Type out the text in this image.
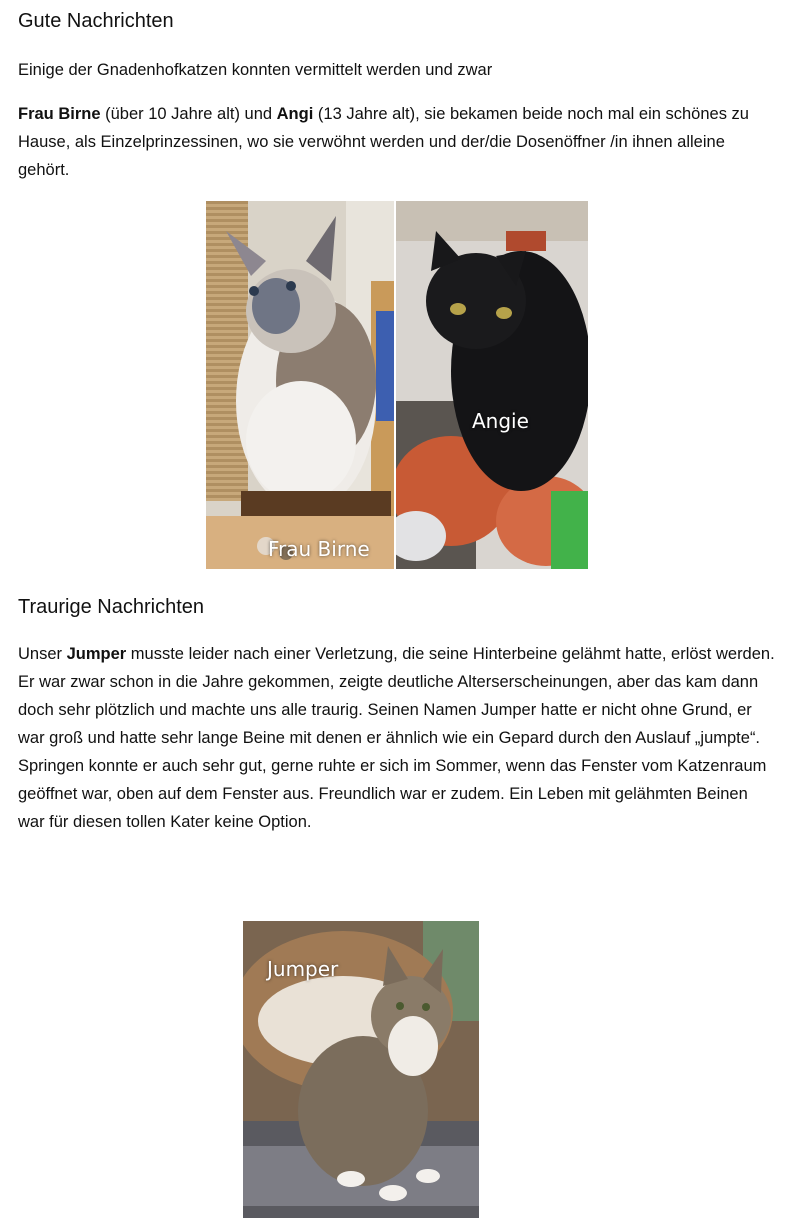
Gute Nachrichten

Einige der Gnadenhofkatzen konnten vermittelt werden und zwar

Frau Birne (über 10 Jahre alt) und Angi (13 Jahre alt), sie bekamen beide noch mal ein schönes zu Hause, als Einzelprinzessinen, wo sie verwöhnt werden und der/die Dosenöffner /in ihnen alleine gehört.

Frau Birne
Angie
Traurige Nachrichten

Unser Jumper musste leider nach einer Verletzung, die seine Hinterbeine gelähmt hatte, erlöst werden. Er war zwar schon in die Jahre gekommen, zeigte deutliche Alterserscheinungen, aber das kam dann doch sehr plötzlich und machte uns alle traurig. Seinen Namen Jumper hatte er nicht ohne Grund, er war groß und hatte sehr lange Beine mit denen er ähnlich wie ein Gepard durch den Auslauf „jumpte“. Springen konnte er auch sehr gut, gerne ruhte er sich im Sommer, wenn das Fenster vom Katzenraum geöffnet war, oben auf dem Fenster aus. Freundlich war er zudem. Ein Leben mit gelähmten Beinen war für diesen tollen Kater keine Option.

Jumper
